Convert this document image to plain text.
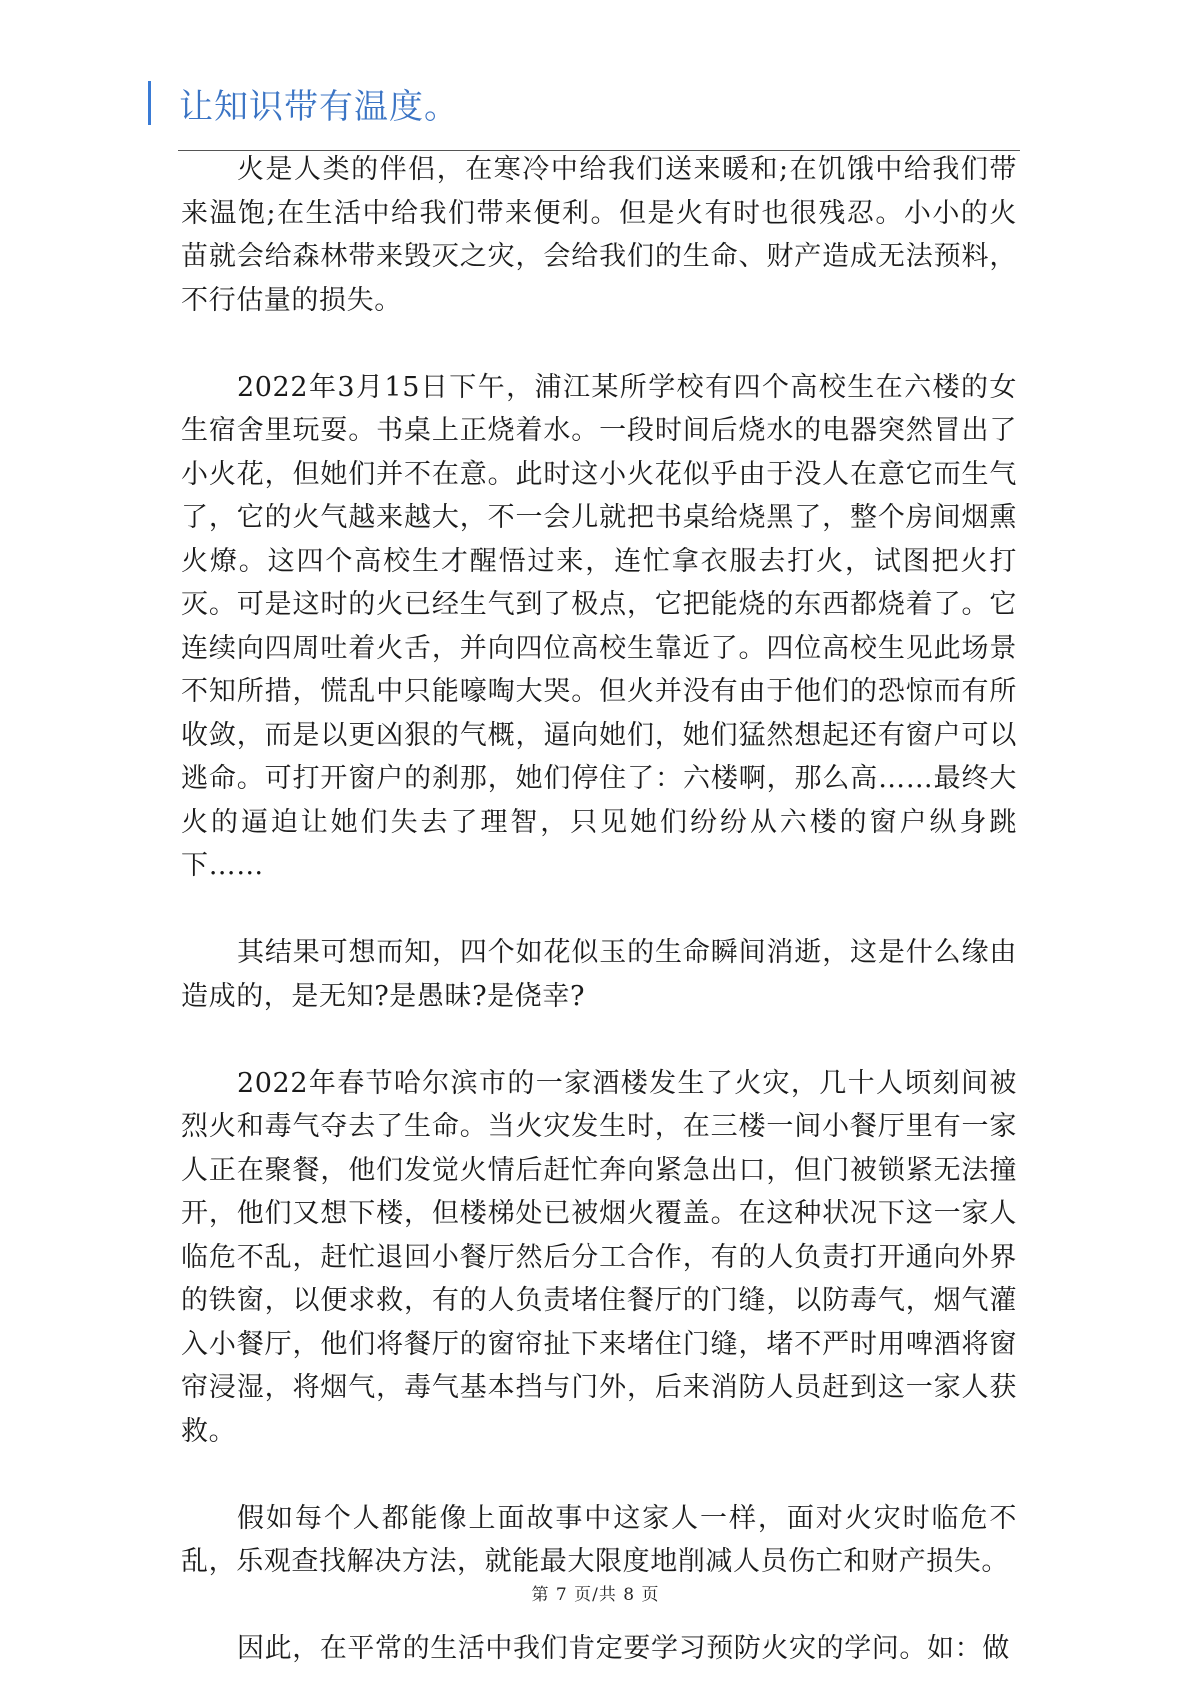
让知识带有温度。

火是人类的伴侣，在寒冷中给我们送来暖和;在饥饿中给我们带来温饱;在生活中给我们带来便利。但是火有时也很残忍。小小的火苗就会给森林带来毁灭之灾，会给我们的生命、财产造成无法预料，不行估量的损失。

2022年3月15日下午，浦江某所学校有四个高校生在六楼的女生宿舍里玩耍。书桌上正烧着水。一段时间后烧水的电器突然冒出了小火花，但她们并不在意。此时这小火花似乎由于没人在意它而生气了，它的火气越来越大，不一会儿就把书桌给烧黑了，整个房间烟熏火燎。这四个高校生才醒悟过来，连忙拿衣服去打火，试图把火打灭。可是这时的火已经生气到了极点，它把能烧的东西都烧着了。它连续向四周吐着火舌，并向四位高校生靠近了。四位高校生见此场景不知所措，慌乱中只能嚎啕大哭。但火并没有由于他们的恐惊而有所收敛，而是以更凶狠的气概，逼向她们，她们猛然想起还有窗户可以逃命。可打开窗户的刹那，她们停住了：六楼啊，那么高……最终大火的逼迫让她们失去了理智，只见她们纷纷从六楼的窗户纵身跳下……

其结果可想而知，四个如花似玉的生命瞬间消逝，这是什么缘由造成的，是无知?是愚昧?是侥幸?

2022年春节哈尔滨市的一家酒楼发生了火灾，几十人顷刻间被烈火和毒气夺去了生命。当火灾发生时，在三楼一间小餐厅里有一家人正在聚餐，他们发觉火情后赶忙奔向紧急出口，但门被锁紧无法撞开，他们又想下楼，但楼梯处已被烟火覆盖。在这种状况下这一家人临危不乱，赶忙退回小餐厅然后分工合作，有的人负责打开通向外界的铁窗，以便求救，有的人负责堵住餐厅的门缝，以防毒气，烟气灌入小餐厅，他们将餐厅的窗帘扯下来堵住门缝，堵不严时用啤酒将窗帘浸湿，将烟气，毒气基本挡与门外，后来消防人员赶到这一家人获救。

假如每个人都能像上面故事中这家人一样，面对火灾时临危不乱，乐观查找解决方法，就能最大限度地削减人员伤亡和财产损失。

因此，在平常的生活中我们肯定要学习预防火灾的学问。如：做

第 7 页/共 8 页
